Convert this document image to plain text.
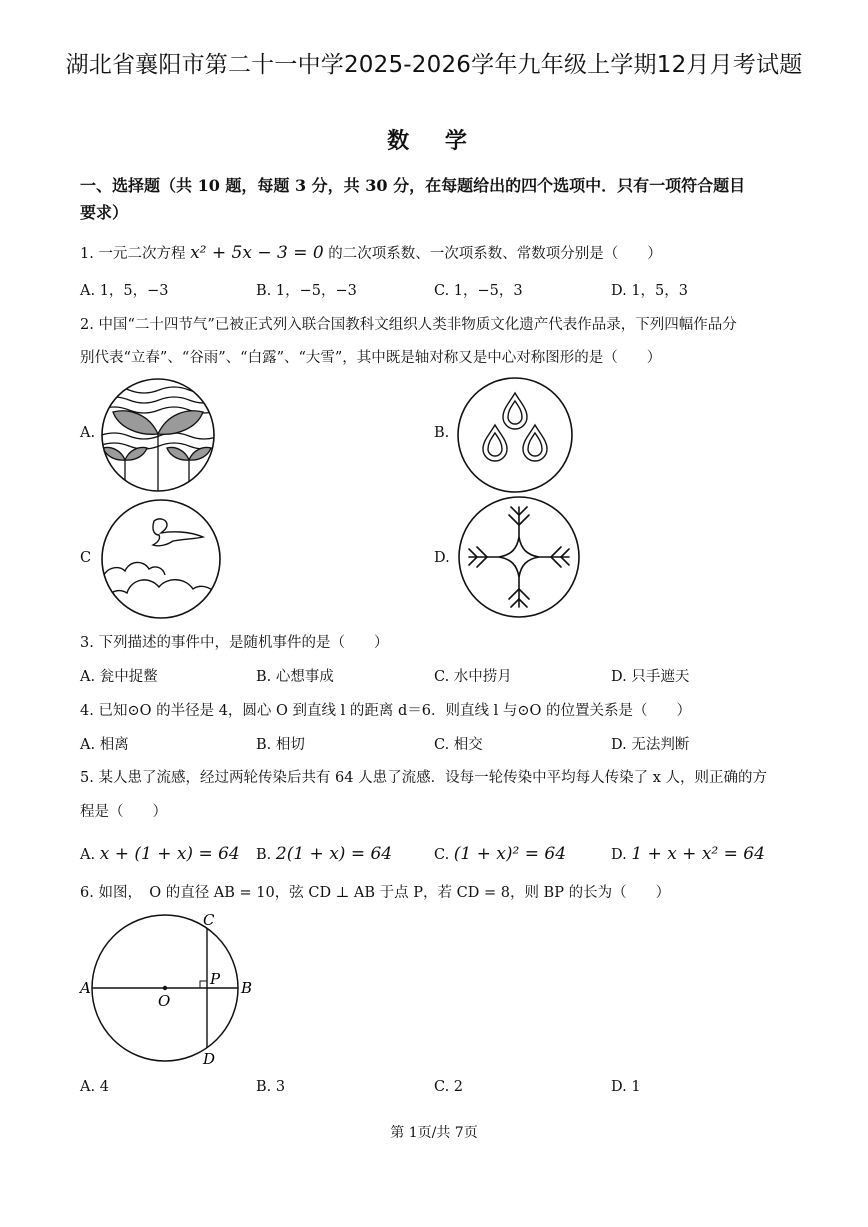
湖北省襄阳市第二十一中学2025-2026学年九年级上学期12月月考试题
数 学
一、选择题（共 10 题，每题 3 分，共 30 分，在每题给出的四个选项中．只有一项符合题目
要求）
1. 一元二次方程 x² + 5x − 3 = 0 的二次项系数、一次项系数、常数项分别是（　　）
A. 1，5，−3	B. 1，−5，−3	C. 1，−5，3	D. 1，5，3
2. 中国“二十四节气”已被正式列入联合国教科文组织人类非物质文化遗产代表作品录，下列四幅作品分
别代表“立春”、“谷雨”、“白露”、“大雪”，其中既是轴对称又是中心对称图形的是（　　）
A.	B.
C	D.
3. 下列描述的事件中，是随机事件的是（　　）
A. 瓮中捉鳖	B. 心想事成	C. 水中捞月	D. 只手遮天
4. 已知⊙O 的半径是 4，圆心 O 到直线 l 的距离 d＝6．则直线 l 与⊙O 的位置关系是（　　）
A. 相离	B. 相切	C. 相交	D. 无法判断
5. 某人患了流感，经过两轮传染后共有 64 人患了流感．设每一轮传染中平均每人传染了 x 人，则正确的方
程是（　　）
A. x + (1 + x) = 64 B. 2(1 + x) = 64	C. (1 + x)² = 64	D. 1 + x + x² = 64
6. 如图，　O 的直径 AB = 10，弦 CD ⊥ AB 于点 P，若 CD = 8，则 BP 的长为（　　）
A	B
C
D
O
P
A. 4	B. 3	C. 2	D. 1
第 1页/共 7页
